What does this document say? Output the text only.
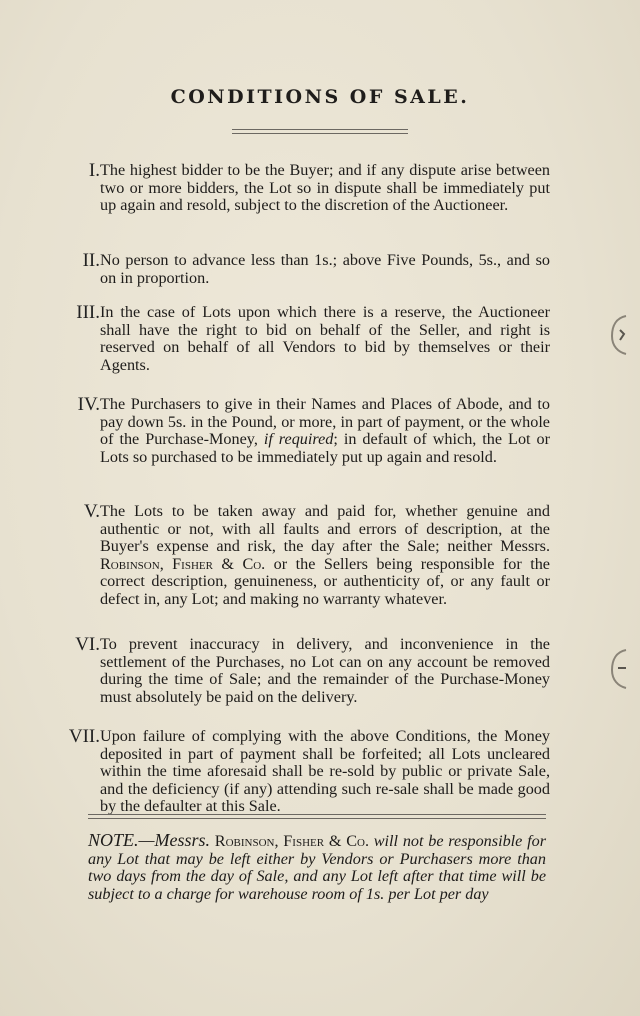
CONDITIONS OF SALE.
I. The highest bidder to be the Buyer; and if any dispute arise between two or more bidders, the Lot so in dispute shall be immediately put up again and resold, subject to the discretion of the Auctioneer.
II. No person to advance less than 1s.; above Five Pounds, 5s., and so on in proportion.
III. In the case of Lots upon which there is a reserve, the Auctioneer shall have the right to bid on behalf of the Seller, and right is reserved on behalf of all Vendors to bid by themselves or their Agents.
IV. The Purchasers to give in their Names and Places of Abode, and to pay down 5s. in the Pound, or more, in part of payment, or the whole of the Purchase-Money, if required; in default of which, the Lot or Lots so purchased to be immediately put up again and resold.
V. The Lots to be taken away and paid for, whether genuine and authentic or not, with all faults and errors of description, at the Buyer's expense and risk, the day after the Sale; neither Messrs. Robinson, Fisher & Co. or the Sellers being responsible for the correct description, genuineness, or authenticity of, or any fault or defect in, any Lot; and making no warranty whatever.
VI. To prevent inaccuracy in delivery, and inconvenience in the settlement of the Purchases, no Lot can on any account be removed during the time of Sale; and the remainder of the Purchase-Money must absolutely be paid on the delivery.
VII. Upon failure of complying with the above Conditions, the Money deposited in part of payment shall be forfeited; all Lots uncleared within the time aforesaid shall be re-sold by public or private Sale, and the deficiency (if any) attending such re-sale shall be made good by the defaulter at this Sale.
NOTE.—Messrs. Robinson, Fisher & Co. will not be responsible for any Lot that may be left either by Vendors or Purchasers more than two days from the day of Sale, and any Lot left after that time will be subject to a charge for warehouse room of 1s. per Lot per day
